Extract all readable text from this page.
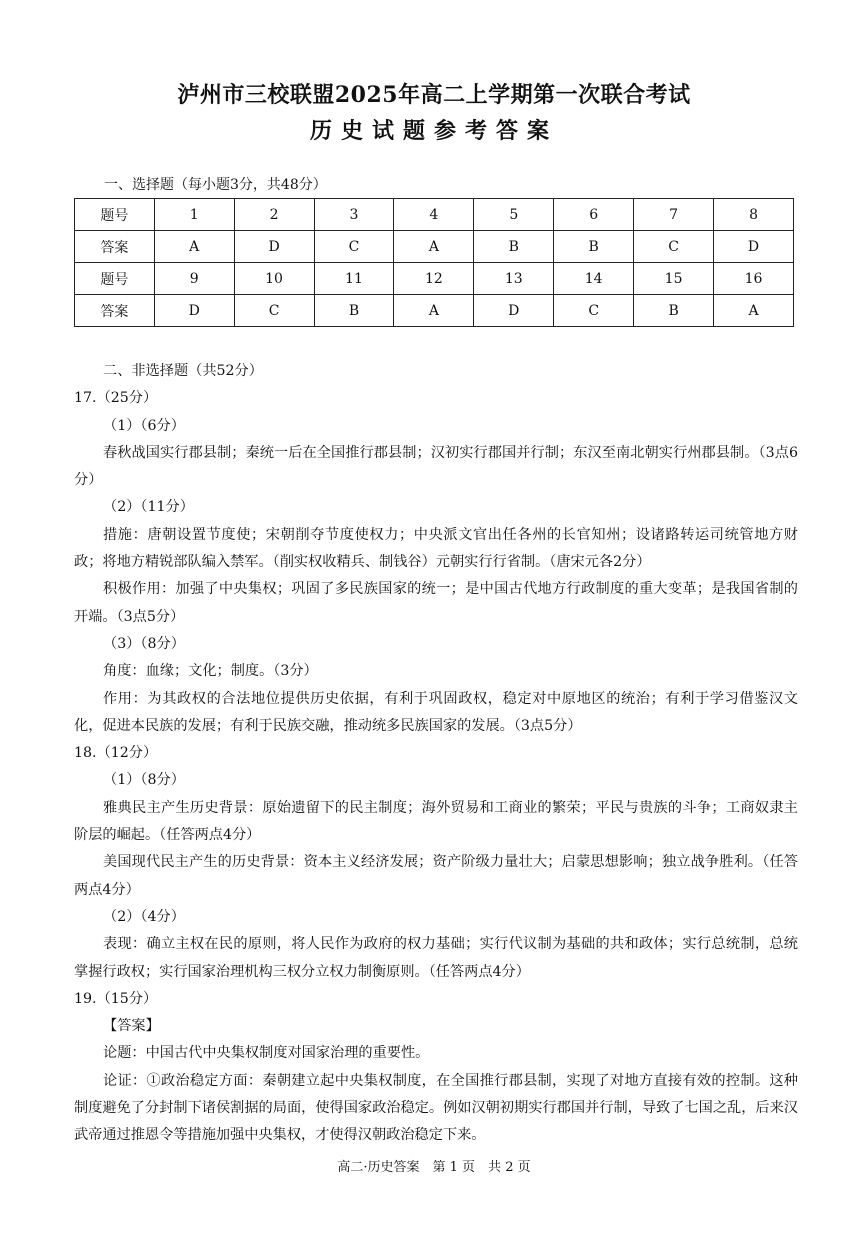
泸州市三校联盟2025年高二上学期第一次联合考试
历史试题参考答案
一、选择题（每小题3分，共48分）
题号	1	2	3	4	5	6	7	8
答案	A	D	C	A	B	B	C	D
题号	9	10	11	12	13	14	15	16
答案	D	C	B	A	D	C	B	A

二、非选择题（共52分）

17.（25分）

（1）（6分）

春秋战国实行郡县制；秦统一后在全国推行郡县制；汉初实行郡国并行制；东汉至南北朝实行州郡县制。（3点6分）

（2）（11分）

措施：唐朝设置节度使；宋朝削夺节度使权力；中央派文官出任各州的长官知州；设诸路转运司统管地方财政；将地方精锐部队编入禁军。（削实权收精兵、制钱谷）元朝实行行省制。（唐宋元各2分）

积极作用：加强了中央集权；巩固了多民族国家的统一；是中国古代地方行政制度的重大变革；是我国省制的开端。（3点5分）

（3）（8分）

角度：血缘；文化；制度。（3分）

作用：为其政权的合法地位提供历史依据，有利于巩固政权，稳定对中原地区的统治；有利于学习借鉴汉文化，促进本民族的发展；有利于民族交融，推动统多民族国家的发展。（3点5分）

18.（12分）

（1）（8分）

雅典民主产生历史背景：原始遗留下的民主制度；海外贸易和工商业的繁荣；平民与贵族的斗争；工商奴隶主阶层的崛起。（任答两点4分）

美国现代民主产生的历史背景：资本主义经济发展；资产阶级力量壮大；启蒙思想影响；独立战争胜利。（任答两点4分）

（2）（4分）

表现：确立主权在民的原则，将人民作为政府的权力基础；实行代议制为基础的共和政体；实行总统制，总统掌握行政权；实行国家治理机构三权分立权力制衡原则。（任答两点4分）

19.（15分）

【答案】

论题：中国古代中央集权制度对国家治理的重要性。

论证：①政治稳定方面：秦朝建立起中央集权制度，在全国推行郡县制，实现了对地方直接有效的控制。这种制度避免了分封制下诸侯割据的局面，使得国家政治稳定。例如汉朝初期实行郡国并行制，导致了七国之乱，后来汉武帝通过推恩令等措施加强中央集权，才使得汉朝政治稳定下来。

高二·历史答案　第 1 页　共 2 页
